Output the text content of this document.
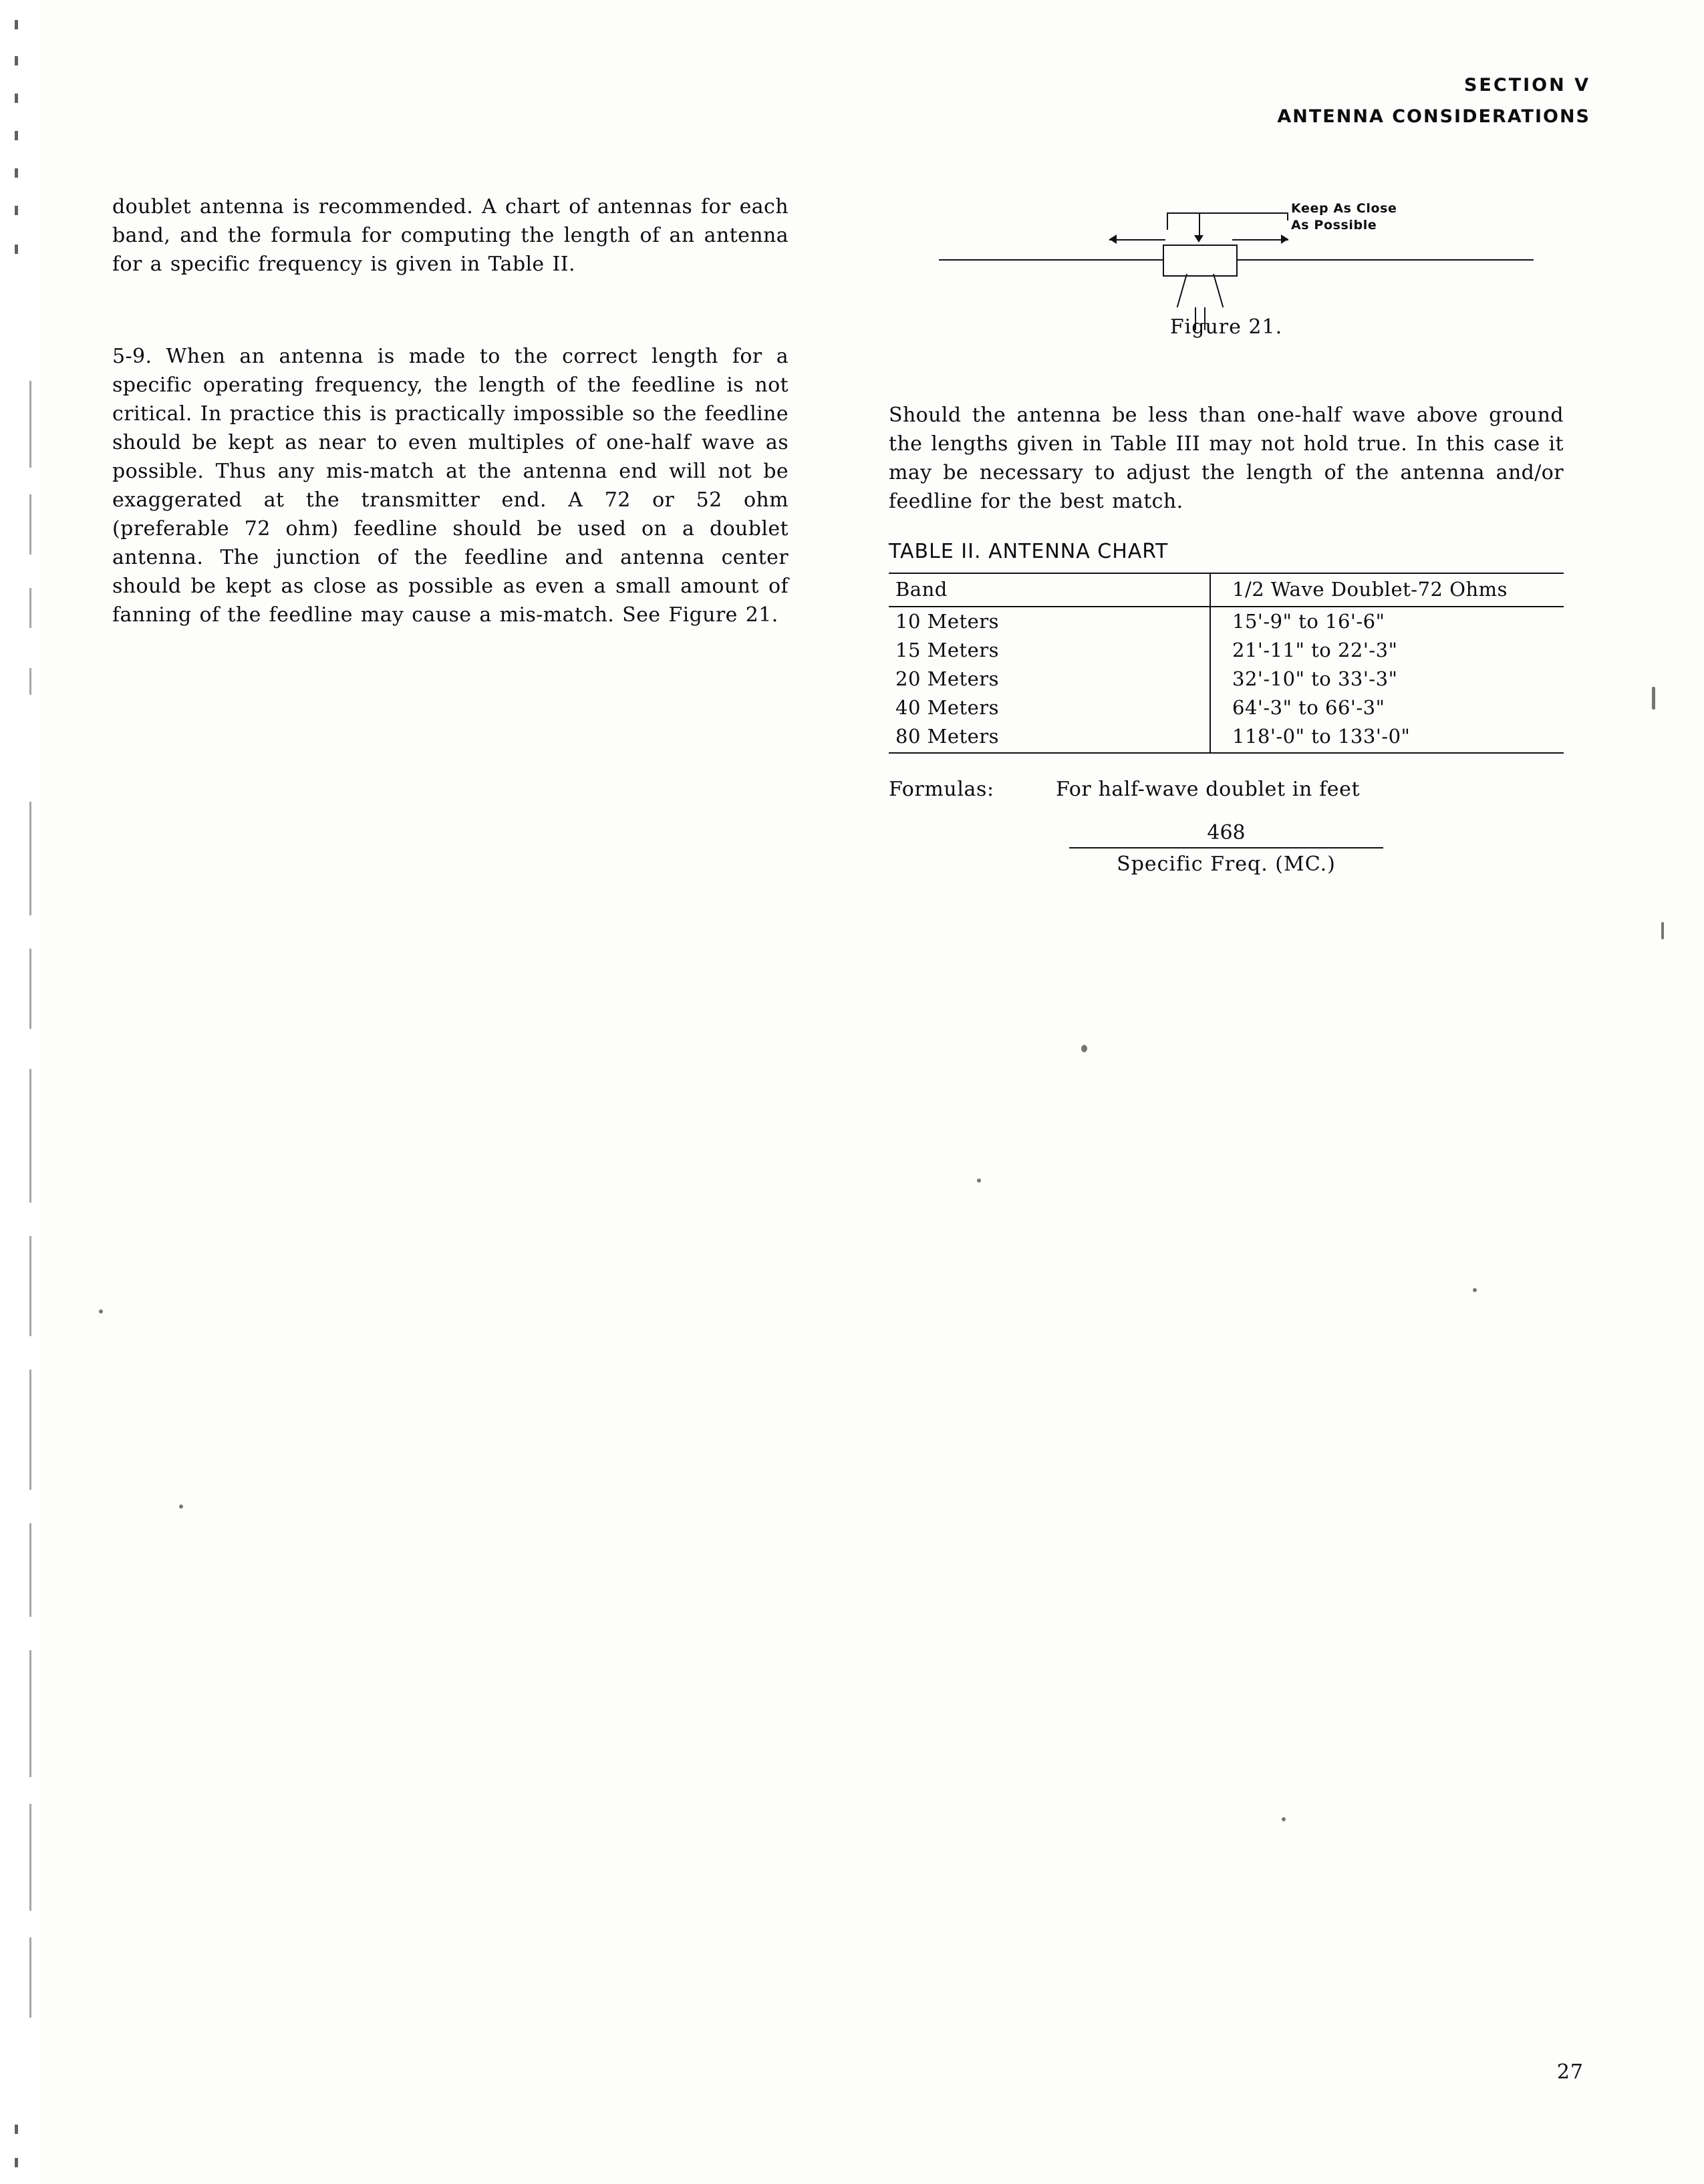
SECTION V
ANTENNA CONSIDERATIONS

doublet antenna is recommended. A chart of antennas for each band, and the formula for computing the length of an antenna for a specific frequency is given in Table II.

5-9. When an antenna is made to the correct length for a specific operating frequency, the length of the feedline is not critical. In practice this is practically impossible so the feedline should be kept as near to even multiples of one-half wave as possible. Thus any mis-match at the antenna end will not be exaggerated at the transmitter end. A 72 or 52 ohm (preferable 72 ohm) feedline should be used on a doublet antenna. The junction of the feedline and antenna center should be kept as close as possible as even a small amount of fanning of the feedline may cause a mis-match. See Figure 21.

Keep As Close
As Possible
Figure 21.

Should the antenna be less than one-half wave above ground the lengths given in Table III may not hold true. In this case it may be necessary to adjust the length of the antenna and/or feedline for the best match.

TABLE II. ANTENNA CHART
Band	1/2 Wave Doublet-72 Ohms
10 Meters	15'-9" to 16'-6"
15 Meters	21'-11" to 22'-3"
20 Meters	32'-10" to 33'-3"
40 Meters	64'-3" to 66'-3"
80 Meters	118'-0" to 133'-0"
Formulas:	For half-wave doublet in feet
468
Specific Freq. (MC.)
27
